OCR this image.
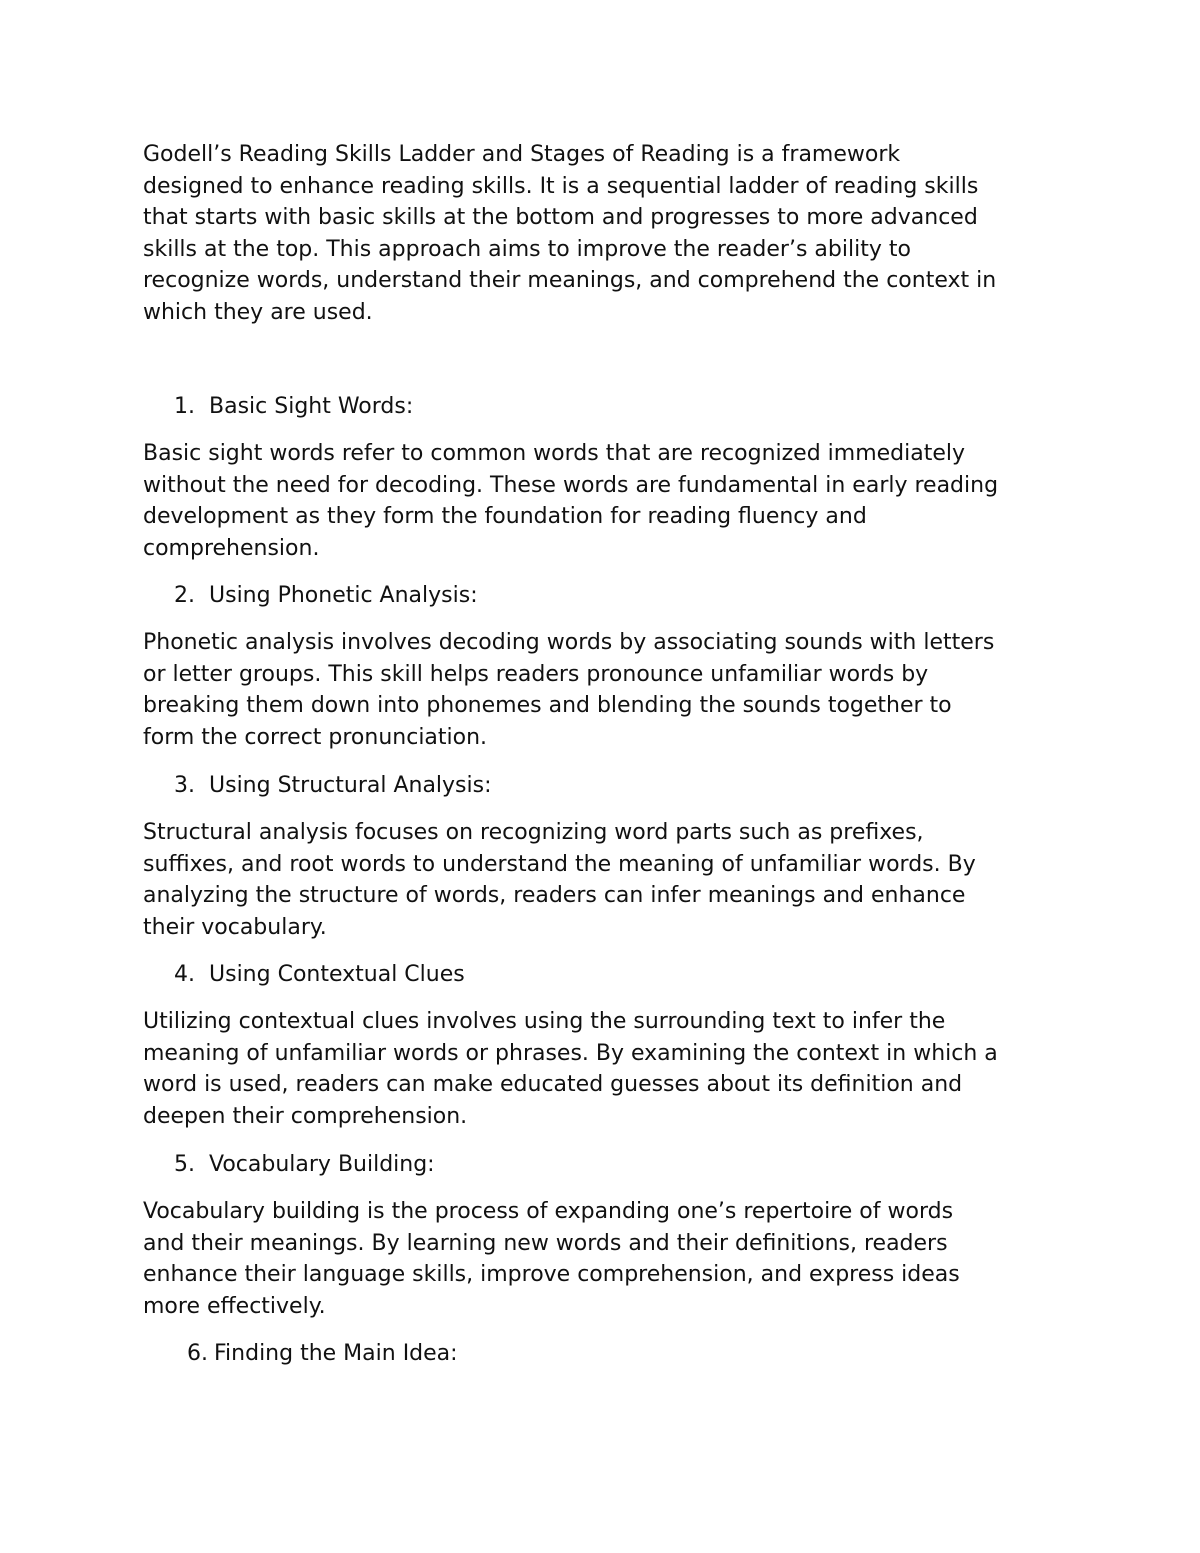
Godell’s Reading Skills Ladder and Stages of Reading is a framework
designed to enhance reading skills. It is a sequential ladder of reading skills
that starts with basic skills at the bottom and progresses to more advanced
skills at the top. This approach aims to improve the reader’s ability to
recognize words, understand their meanings, and comprehend the context in
which they are used.

1. Basic Sight Words:

Basic sight words refer to common words that are recognized immediately
without the need for decoding. These words are fundamental in early reading
development as they form the foundation for reading fluency and
comprehension.

2. Using Phonetic Analysis:

Phonetic analysis involves decoding words by associating sounds with letters
or letter groups. This skill helps readers pronounce unfamiliar words by
breaking them down into phonemes and blending the sounds together to
form the correct pronunciation.

3. Using Structural Analysis:

Structural analysis focuses on recognizing word parts such as prefixes,
suffixes, and root words to understand the meaning of unfamiliar words. By
analyzing the structure of words, readers can infer meanings and enhance
their vocabulary.

4. Using Contextual Clues

Utilizing contextual clues involves using the surrounding text to infer the
meaning of unfamiliar words or phrases. By examining the context in which a
word is used, readers can make educated guesses about its definition and
deepen their comprehension.

5. Vocabulary Building:

Vocabulary building is the process of expanding one’s repertoire of words
and their meanings. By learning new words and their definitions, readers
enhance their language skills, improve comprehension, and express ideas
more effectively.

6. Finding the Main Idea:
